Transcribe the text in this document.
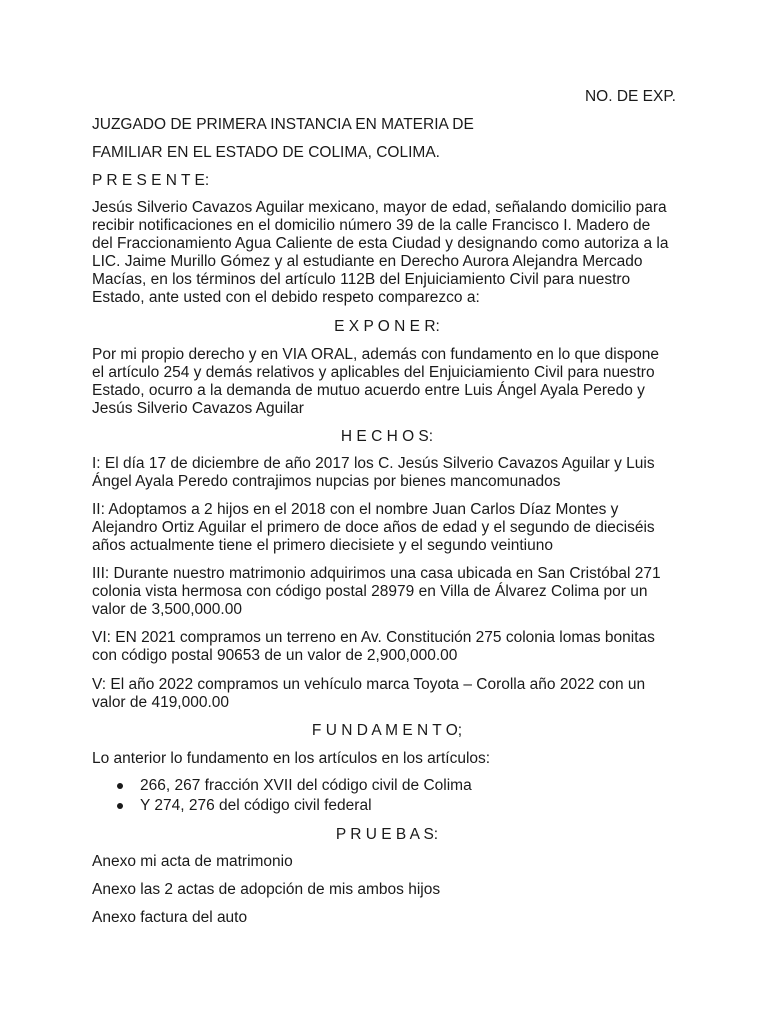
NO. DE EXP.

JUZGADO DE PRIMERA INSTANCIA EN MATERIA DE

FAMILIAR EN EL ESTADO DE COLIMA, COLIMA.

P R E S E N T E:

Jesús Silverio Cavazos Aguilar mexicano, mayor de edad, señalando domicilio para
recibir notificaciones en el domicilio número 39 de la calle Francisco I. Madero de
del Fraccionamiento Agua Caliente de esta Ciudad y designando como autoriza a la
LIC. Jaime Murillo Gómez y al estudiante en Derecho Aurora Alejandra Mercado
Macías, en los términos del artículo 112B del Enjuiciamiento Civil para nuestro
Estado, ante usted con el debido respeto comparezco a:

E X P O N E R:

Por mi propio derecho y en VIA ORAL, además con fundamento en lo que dispone
el artículo 254 y demás relativos y aplicables del Enjuiciamiento Civil para nuestro
Estado, ocurro a la demanda de mutuo acuerdo entre Luis Ángel Ayala Peredo y
Jesús Silverio Cavazos Aguilar

H E C H O S:

I: El día 17 de diciembre de año 2017 los C. Jesús Silverio Cavazos Aguilar y Luis
Ángel Ayala Peredo contrajimos nupcias por bienes mancomunados
II: Adoptamos a 2 hijos en el 2018 con el nombre Juan Carlos Díaz Montes y
Alejandro Ortiz Aguilar el primero de doce años de edad y el segundo de dieciséis
años actualmente tiene el primero diecisiete y el segundo veintiuno
III: Durante nuestro matrimonio adquirimos una casa ubicada en San Cristóbal 271
colonia vista hermosa con código postal 28979 en Villa de Álvarez Colima por un
valor de 3,500,000.00
VI: EN 2021 compramos un terreno en Av. Constitución 275 colonia lomas bonitas
con código postal 90653 de un valor de 2,900,000.00
V: El año 2022 compramos un vehículo marca Toyota – Corolla año 2022 con un
valor de 419,000.00

F U N D A M E N T O;

Lo anterior lo fundamento en los artículos en los artículos:

266, 267 fracción XVII del código civil de Colima
Y 274, 276 del código civil federal

P R U E B A S:

Anexo mi acta de matrimonio

Anexo las 2 actas de adopción de mis ambos hijos

Anexo factura del auto
